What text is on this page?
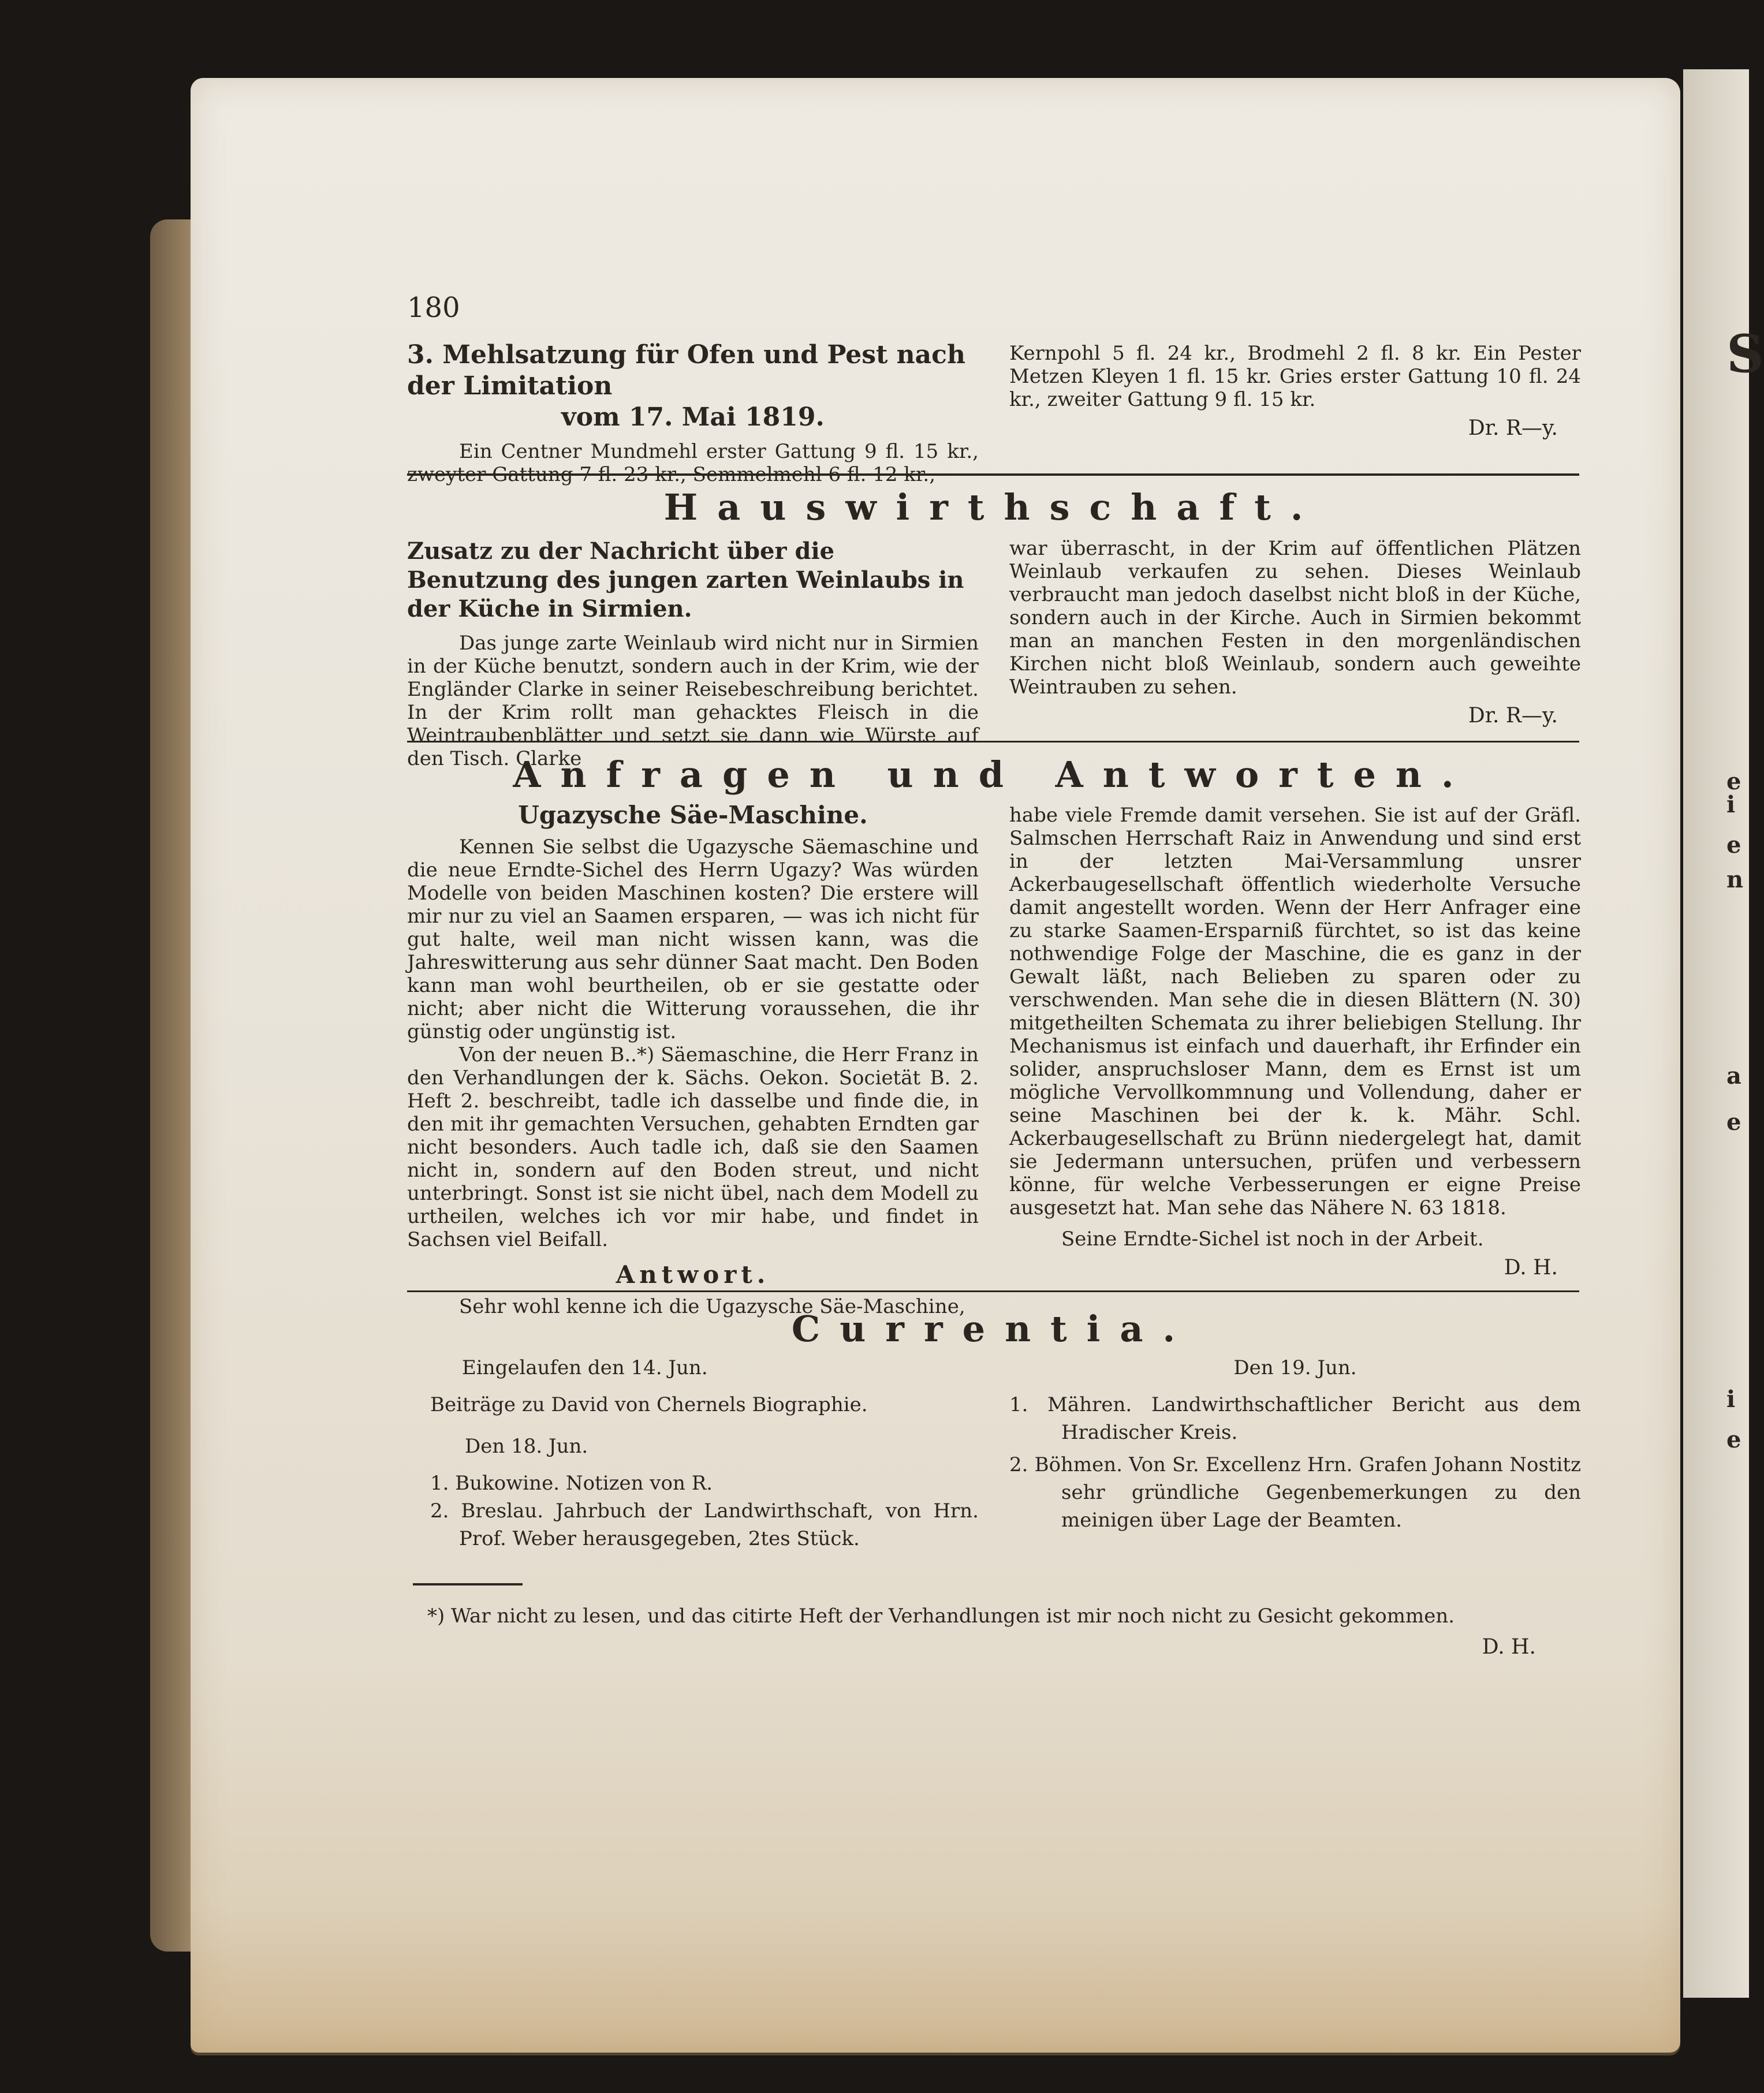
S
e
i
e
n
a
e
i
e
180

3. Mehlsatzung für Ofen und Pest nach der Limitation

vom 17. Mai 1819.

Ein Centner Mundmehl erster Gattung 9 fl. 15 kr., zweyter Gattung 7 fl. 23 kr., Semmelmehl 6 fl. 12 kr.,

Kernpohl 5 fl. 24 kr., Brodmehl 2 fl. 8 kr. Ein Pester Metzen Kleyen 1 fl. 15 kr. Gries erster Gattung 10 fl. 24 kr., zweiter Gattung 9 fl. 15 kr.

Dr. R—y.

Hauswirthschaft.

Zusatz zu der Nachricht über die Benutzung des jungen zarten Weinlaubs in der Küche in Sirmien.

Das junge zarte Weinlaub wird nicht nur in Sirmien in der Küche benutzt, sondern auch in der Krim, wie der Engländer Clarke in seiner Reisebeschreibung berichtet. In der Krim rollt man gehacktes Fleisch in die Weintraubenblätter und setzt sie dann wie Würste auf den Tisch. Clarke

war überrascht, in der Krim auf öffentlichen Plätzen Weinlaub verkaufen zu sehen. Dieses Weinlaub verbraucht man jedoch daselbst nicht bloß in der Küche, sondern auch in der Kirche. Auch in Sirmien bekommt man an manchen Festen in den morgenländischen Kirchen nicht bloß Weinlaub, sondern auch geweihte Weintrauben zu sehen.

Dr. R—y.

Anfragen und Antworten.

Ugazysche Säe-Maschine.

Kennen Sie selbst die Ugazysche Säemaschine und die neue Erndte-Sichel des Herrn Ugazy? Was würden Modelle von beiden Maschinen kosten? Die erstere will mir nur zu viel an Saamen ersparen, — was ich nicht für gut halte, weil man nicht wissen kann, was die Jahreswitterung aus sehr dünner Saat macht. Den Boden kann man wohl beurtheilen, ob er sie gestatte oder nicht; aber nicht die Witterung voraussehen, die ihr günstig oder ungünstig ist.

Von der neuen B..*) Säemaschine, die Herr Franz in den Verhandlungen der k. Sächs. Oekon. Societät B. 2. Heft 2. beschreibt, tadle ich dasselbe und finde die, in den mit ihr gemachten Versuchen, gehabten Erndten gar nicht besonders. Auch tadle ich, daß sie den Saamen nicht in, sondern auf den Boden streut, und nicht unterbringt. Sonst ist sie nicht übel, nach dem Modell zu urtheilen, welches ich vor mir habe, und findet in Sachsen viel Beifall.

Antwort.

Sehr wohl kenne ich die Ugazysche Säe-Maschine,

habe viele Fremde damit versehen. Sie ist auf der Gräfl. Salmschen Herrschaft Raiz in Anwendung und sind erst in der letzten Mai-Versammlung unsrer Ackerbaugesellschaft öffentlich wiederholte Versuche damit angestellt worden. Wenn der Herr Anfrager eine zu starke Saamen-Ersparniß fürchtet, so ist das keine nothwendige Folge der Maschine, die es ganz in der Gewalt läßt, nach Belieben zu sparen oder zu verschwenden. Man sehe die in diesen Blättern (N. 30) mitgetheilten Schemata zu ihrer beliebigen Stellung. Ihr Mechanismus ist einfach und dauerhaft, ihr Erfinder ein solider, anspruchsloser Mann, dem es Ernst ist um mögliche Vervollkommnung und Vollendung, daher er seine Maschinen bei der k. k. Mähr. Schl. Ackerbaugesellschaft zu Brünn niedergelegt hat, damit sie Jedermann untersuchen, prüfen und verbessern könne, für welche Verbesserungen er eigne Preise ausgesetzt hat. Man sehe das Nähere N. 63 1818.

Seine Erndte-Sichel ist noch in der Arbeit.

D. H.

Currentia.

Eingelaufen den 14. Jun.

Beiträge zu David von Chernels Biographie.

Den 18. Jun.

1. Bukowine. Notizen von R.

2. Breslau. Jahrbuch der Landwirthschaft, von Hrn. Prof. Weber herausgegeben, 2tes Stück.

Den 19. Jun.

1. Mähren. Landwirthschaftlicher Bericht aus dem Hradischer Kreis.

2. Böhmen. Von Sr. Excellenz Hrn. Grafen Johann Nostitz sehr gründliche Gegenbemerkungen zu den meinigen über Lage der Beamten.

*) War nicht zu lesen, und das citirte Heft der Verhandlungen ist mir noch nicht zu Gesicht gekommen.

D. H.
